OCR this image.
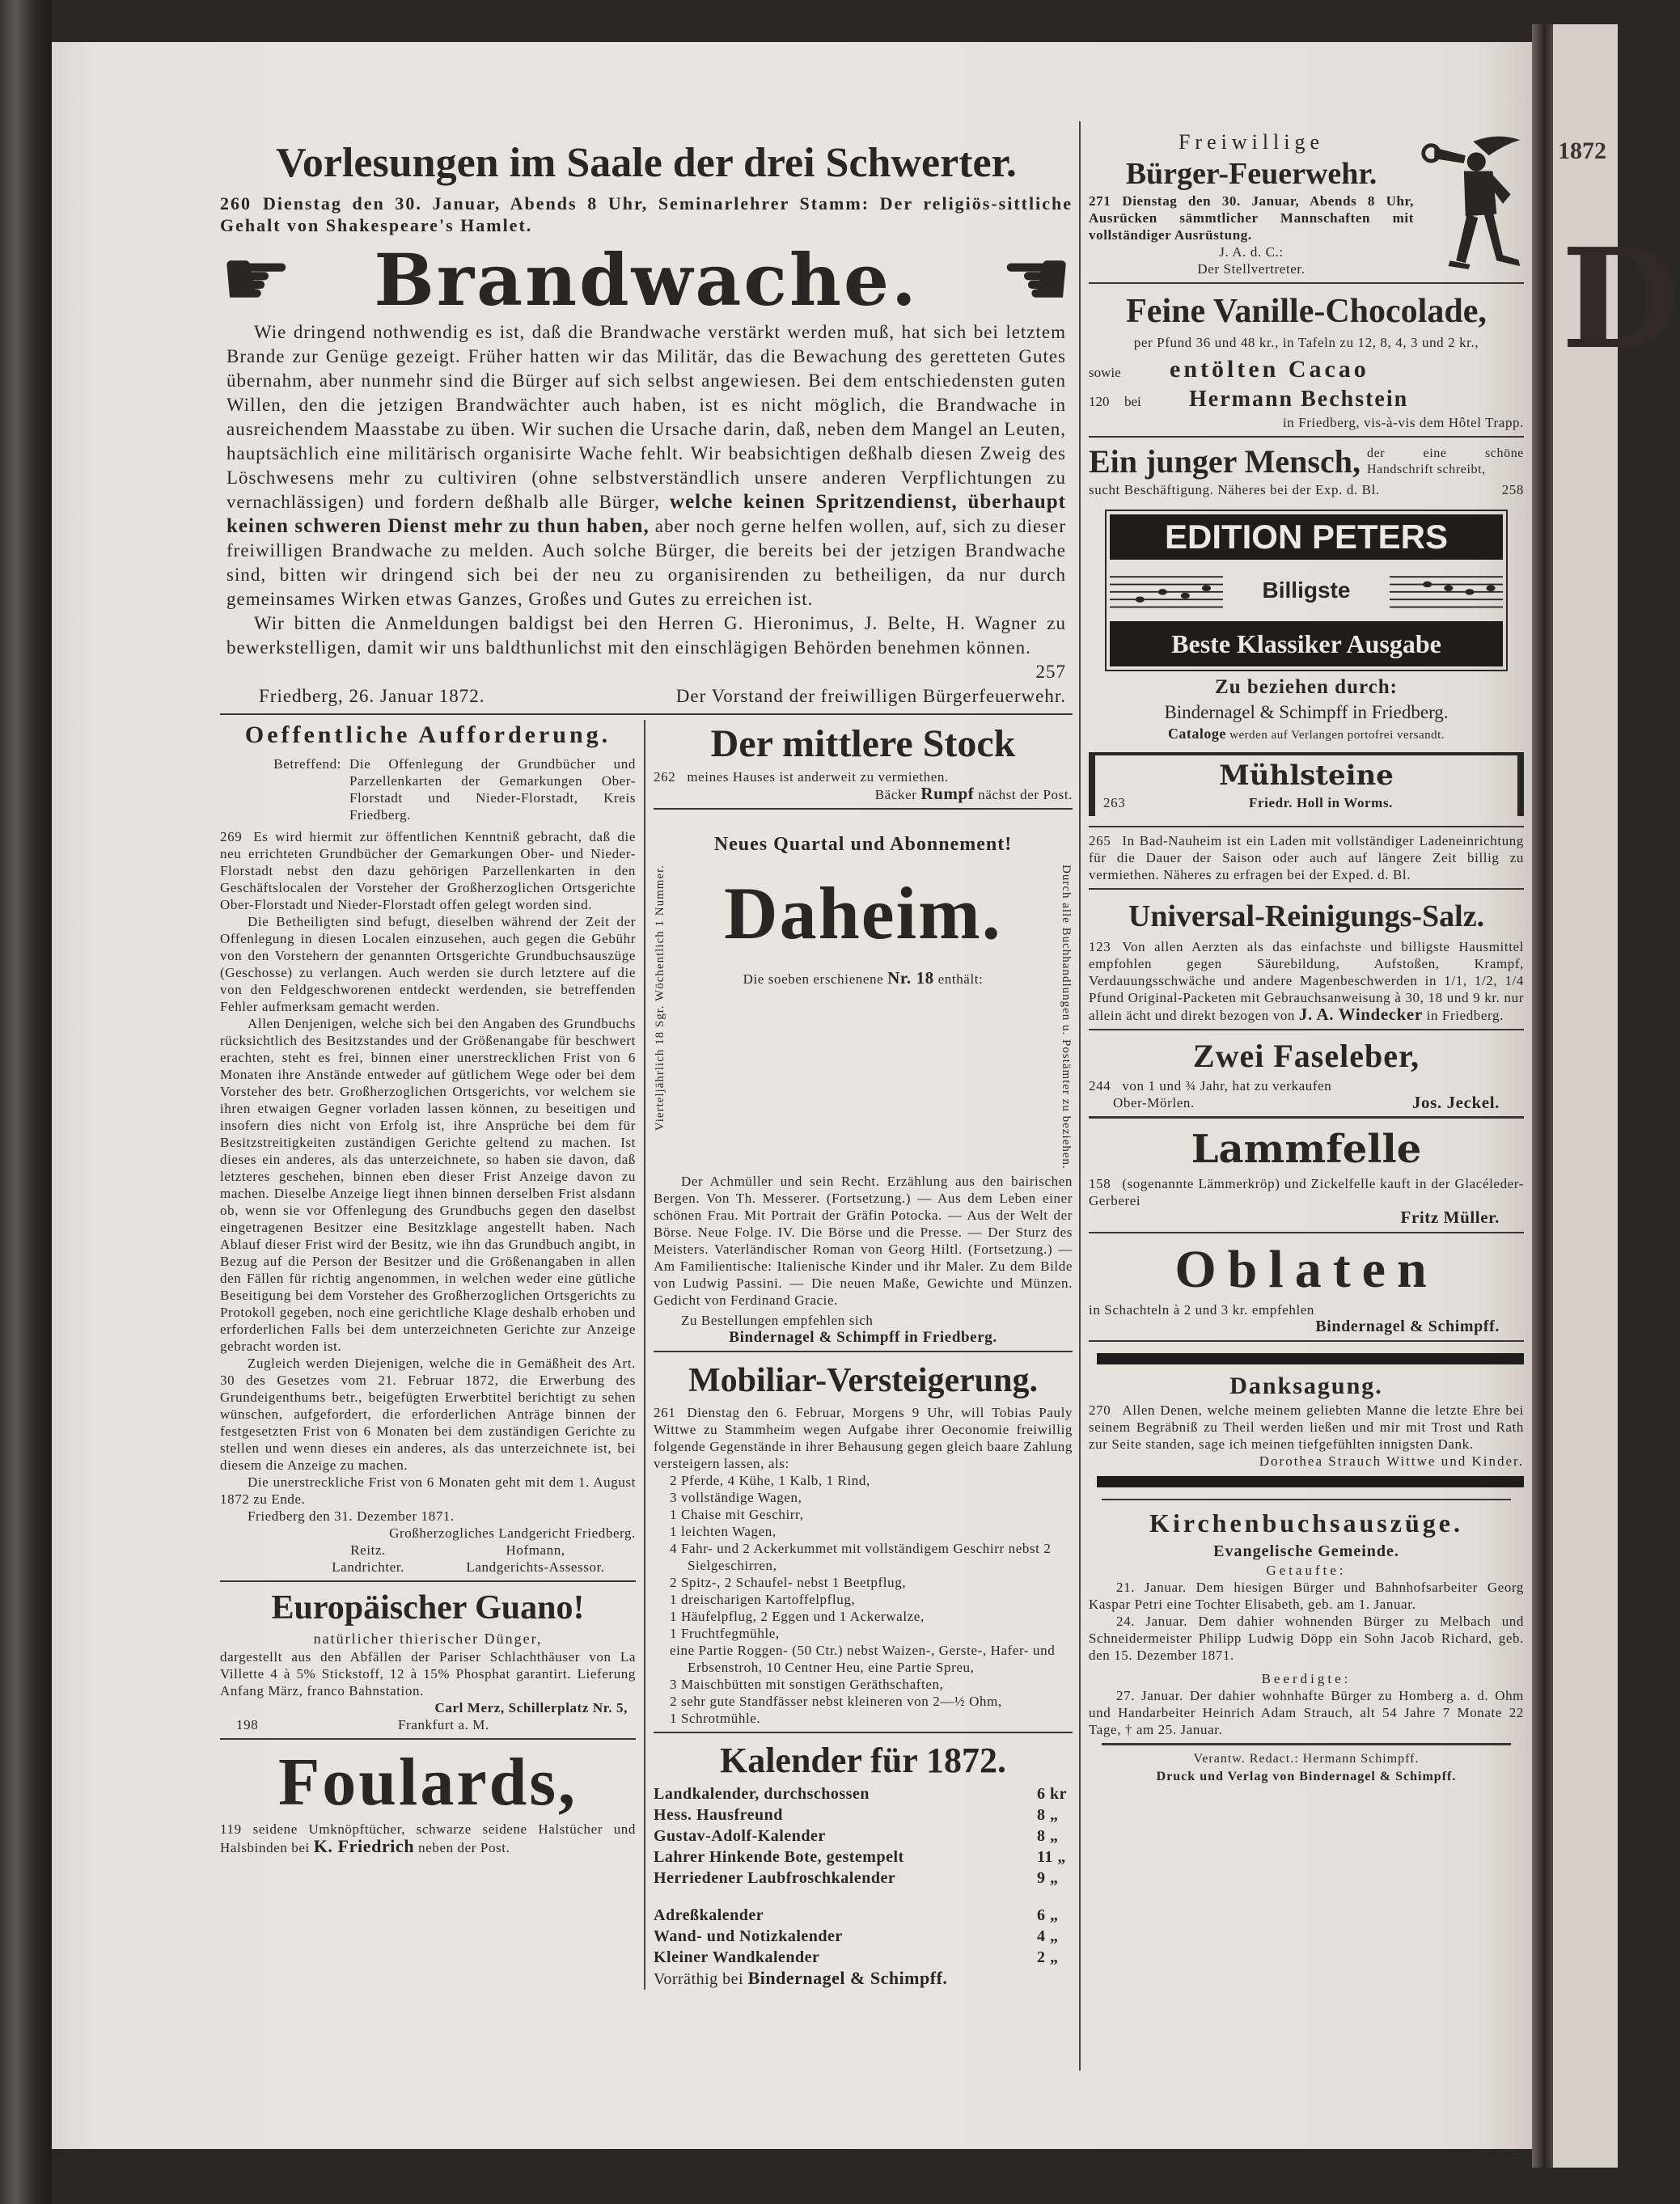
1872
D
Vorlesungen im Saale der drei Schwerter.

260 Dienstag den 30. Januar, Abends 8 Uhr, Seminarlehrer Stamm: Der religiös-sittliche Gehalt von Shakespeare's Hamlet.

☛ Brandwache. ☚

Wie dringend nothwendig es ist, daß die Brandwache verstärkt werden muß, hat sich bei letztem Brande zur Genüge gezeigt. Früher hatten wir das Militär, das die Bewachung des geretteten Gutes übernahm, aber nunmehr sind die Bürger auf sich selbst angewiesen. Bei dem entschiedensten guten Willen, den die jetzigen Brandwächter auch haben, ist es nicht möglich, die Brandwache in ausreichendem Maasstabe zu üben. Wir suchen die Ursache darin, daß, neben dem Mangel an Leuten, hauptsächlich eine militärisch organisirte Wache fehlt. Wir beabsichtigen deßhalb diesen Zweig des Löschwesens mehr zu cultiviren (ohne selbstverständlich unsere anderen Verpflichtungen zu vernachlässigen) und fordern deßhalb alle Bürger, welche keinen Spritzendienst, überhaupt keinen schweren Dienst mehr zu thun haben, aber noch gerne helfen wollen, auf, sich zu dieser freiwilligen Brandwache zu melden. Auch solche Bürger, die bereits bei der jetzigen Brandwache sind, bitten wir dringend sich bei der neu zu organisirenden zu betheiligen, da nur durch gemeinsames Wirken etwas Ganzes, Großes und Gutes zu erreichen ist.

Wir bitten die Anmeldungen baldigst bei den Herren G. Hieronimus, J. Belte, H. Wagner zu bewerkstelligen, damit wir uns baldthunlichst mit den einschlägigen Behörden benehmen können.
257

Friedberg, 26. Januar 1872.	Der Vorstand der freiwilligen Bürgerfeuerwehr.
Oeffentliche Aufforderung.
Betreffend: Die Offenlegung der Grundbücher und Parzellenkarten der Gemarkungen Ober-Florstadt und Nieder-Florstadt, Kreis Friedberg.

269 Es wird hiermit zur öffentlichen Kenntniß gebracht, daß die neu errichteten Grundbücher der Gemarkungen Ober- und Nieder-Florstadt nebst den dazu gehörigen Parzellenkarten in den Geschäftslocalen der Vorsteher der Großherzoglichen Ortsgerichte Ober-Florstadt und Nieder-Florstadt offen gelegt worden sind.

Die Betheiligten sind befugt, dieselben während der Zeit der Offenlegung in diesen Localen einzusehen, auch gegen die Gebühr von den Vorstehern der genannten Ortsgerichte Grundbuchsauszüge (Geschosse) zu verlangen. Auch werden sie durch letztere auf die von den Feldgeschworenen entdeckt werdenden, sie betreffenden Fehler aufmerksam gemacht werden.

Allen Denjenigen, welche sich bei den Angaben des Grundbuchs rücksichtlich des Besitzstandes und der Größenangabe für beschwert erachten, steht es frei, binnen einer unerstrecklichen Frist von 6 Monaten ihre Anstände entweder auf gütlichem Wege oder bei dem Vorsteher des betr. Großherzoglichen Ortsgerichts, vor welchem sie ihren etwaigen Gegner vorladen lassen können, zu beseitigen und insofern dies nicht von Erfolg ist, ihre Ansprüche bei dem für Besitzstreitigkeiten zuständigen Gerichte geltend zu machen. Ist dieses ein anderes, als das unterzeichnete, so haben sie davon, daß letzteres geschehen, binnen eben dieser Frist Anzeige davon zu machen. Dieselbe Anzeige liegt ihnen binnen derselben Frist alsdann ob, wenn sie vor Offenlegung des Grundbuchs gegen den daselbst eingetragenen Besitzer eine Besitzklage angestellt haben. Nach Ablauf dieser Frist wird der Besitz, wie ihn das Grundbuch angibt, in Bezug auf die Person der Besitzer und die Größenangaben in allen den Fällen für richtig angenommen, in welchen weder eine gütliche Beseitigung bei dem Vorsteher des Großherzoglichen Ortsgerichts zu Protokoll gegeben, noch eine gerichtliche Klage deshalb erhoben und erforderlichen Falls bei dem unterzeichneten Gerichte zur Anzeige gebracht worden ist.

Zugleich werden Diejenigen, welche die in Gemäßheit des Art. 30 des Gesetzes vom 21. Februar 1872, die Erwerbung des Grundeigenthums betr., beigefügten Erwerbtitel berichtigt zu sehen wünschen, aufgefordert, die erforderlichen Anträge binnen der festgesetzten Frist von 6 Monaten bei dem zuständigen Gerichte zu stellen und wenn dieses ein anderes, als das unterzeichnete ist, bei diesem die Anzeige zu machen.

Die unerstreckliche Frist von 6 Monaten geht mit dem 1. August 1872 zu Ende.

Friedberg den 31. Dezember 1871.

Großherzogliches Landgericht Friedberg.

Reitz.
Landrichter.
Hofmann,
Landgerichts-Assessor.
Europäischer Guano!
natürlicher thierischer Dünger,

dargestellt aus den Abfällen der Pariser Schlachthäuser von La Villette 4 à 5% Stickstoff, 12 à 15% Phosphat garantirt. Lieferung Anfang März, franco Bahnstation.

Carl Merz, Schillerplatz Nr. 5,
198	Frankfurt a. M.
Foulards,

119 seidene Umknöpftücher, schwarze seidene Halstücher und Halsbinden bei K. Friedrich neben der Post.

Der mittlere Stock

262 meines Hauses ist anderweit zu vermiethen.

Bäcker Rumpf nächst der Post.

Neues Quartal und Abonnement!
Vierteljährlich 18 Sgr. Wöchentlich 1 Nummer. Daheim.

Die soeben erschienene Nr. 18 enthält:	Durch alle Buchhandlungen u. Postämter zu beziehen.

Der Achmüller und sein Recht. Erzählung aus den bairischen Bergen. Von Th. Messerer. (Fortsetzung.) — Aus dem Leben einer schönen Frau. Mit Portrait der Gräfin Potocka. — Aus der Welt der Börse. Neue Folge. IV. Die Börse und die Presse. — Der Sturz des Meisters. Vaterländischer Roman von Georg Hiltl. (Fortsetzung.) — Am Familientische: Italienische Kinder und ihr Maler. Zu dem Bilde von Ludwig Passini. — Die neuen Maße, Gewichte und Münzen. Gedicht von Ferdinand Gracie.

Zu Bestellungen empfehlen sich

Bindernagel & Schimpff in Friedberg.

Mobiliar-Versteigerung.

261 Dienstag den 6. Februar, Morgens 9 Uhr, will Tobias Pauly Wittwe zu Stammheim wegen Aufgabe ihrer Oeconomie freiwillig folgende Gegenstände in ihrer Behausung gegen gleich baare Zahlung versteigern lassen, als:

2 Pferde, 4 Kühe, 1 Kalb, 1 Rind,
3 vollständige Wagen,
1 Chaise mit Geschirr,
1 leichten Wagen,
4 Fahr- und 2 Ackerkummet mit vollständigem Geschirr nebst 2 Sielgeschirren,
2 Spitz-, 2 Schaufel- nebst 1 Beetpflug,
1 dreischarigen Kartoffelpflug,
1 Häufelpflug, 2 Eggen und 1 Ackerwalze,
1 Fruchtfegmühle,
eine Partie Roggen- (50 Ctr.) nebst Waizen-, Gerste-, Hafer- und Erbsenstroh, 10 Centner Heu, eine Partie Spreu,
3 Maischbütten mit sonstigen Geräthschaften,
2 sehr gute Standfässer nebst kleineren von 2—½ Ohm,
1 Schrotmühle.
Kalender für 1872.
Landkalender, durchschossen	6 kr
Hess. Hausfreund	8 „
Gustav-Adolf-Kalender	8 „
Lahrer Hinkende Bote, gestempelt	11 „
Herriedener Laubfroschkalender	9 „
Adreßkalender	6 „
Wand- und Notizkalender	4 „
Kleiner Wandkalender	2 „
Vorräthig bei Bindernagel & Schimpff.
Freiwillige
Bürger-Feuerwehr.

271 Dienstag den 30. Januar, Abends 8 Uhr, Ausrücken sämmtlicher Mannschaften mit vollständiger Ausrüstung.

J. A. d. C.:
Der Stellvertreter.
Feine Vanille-Chocolade,

per Pfund 36 und 48 kr., in Tafeln zu 12, 8, 4, 3 und 2 kr.,

sowie	entölten Cacao
120	bei	Hermann Bechstein

in Friedberg, vis-à-vis dem Hôtel Trapp.

Ein junger Mensch, der eine schöne Handschrift schreibt,
sucht Beschäftigung. Näheres bei der Exp. d. Bl.	258
EDITION PETERS
Billigste
Beste Klassiker Ausgabe
Zu beziehen durch:
Bindernagel & Schimpff in Friedberg.
Cataloge werden auf Verlangen portofrei versandt.
Mühlsteine
263	Friedr. Holl in Worms.

265 In Bad-Nauheim ist ein Laden mit vollständiger Ladeneinrichtung für die Dauer der Saison oder auch auf längere Zeit billig zu vermiethen. Näheres zu erfragen bei der Exped. d. Bl.

Universal-Reinigungs-Salz.

123 Von allen Aerzten als das einfachste und billigste Hausmittel empfohlen gegen Säurebildung, Aufstoßen, Krampf, Verdauungsschwäche und andere Magenbeschwerden in 1/1, 1/2, 1/4 Pfund Original-Packeten mit Gebrauchsanweisung à 30, 18 und 9 kr. nur allein ächt und direkt bezogen von J. A. Windecker in Friedberg.

Zwei Faseleber,

244 von 1 und ¾ Jahr, hat zu verkaufen

Ober-Mörlen.	Jos. Jeckel.
Lammfelle

158 (sogenannte Lämmerkröp) und Zickelfelle kauft in der Glacéleder-Gerberei

Fritz Müller.

Oblaten

in Schachteln à 2 und 3 kr. empfehlen

Bindernagel & Schimpff.

Danksagung.

270 Allen Denen, welche meinem geliebten Manne die letzte Ehre bei seinem Begräbniß zu Theil werden ließen und mir mit Trost und Rath zur Seite standen, sage ich meinen tiefgefühlten innigsten Dank.

Dorothea Strauch Wittwe und Kinder.

Kirchenbuchsauszüge.
Evangelische Gemeinde.
Getaufte:

21. Januar. Dem hiesigen Bürger und Bahnhofsarbeiter Georg Kaspar Petri eine Tochter Elisabeth, geb. am 1. Januar.

24. Januar. Dem dahier wohnenden Bürger zu Melbach und Schneidermeister Philipp Ludwig Döpp ein Sohn Jacob Richard, geb. den 15. Dezember 1871.

Beerdigte:

27. Januar. Der dahier wohnhafte Bürger zu Homberg a. d. Ohm und Handarbeiter Heinrich Adam Strauch, alt 54 Jahre 7 Monate 22 Tage, † am 25. Januar.

Verantw. Redact.: Hermann Schimpff.
Druck und Verlag von Bindernagel & Schimpff.
